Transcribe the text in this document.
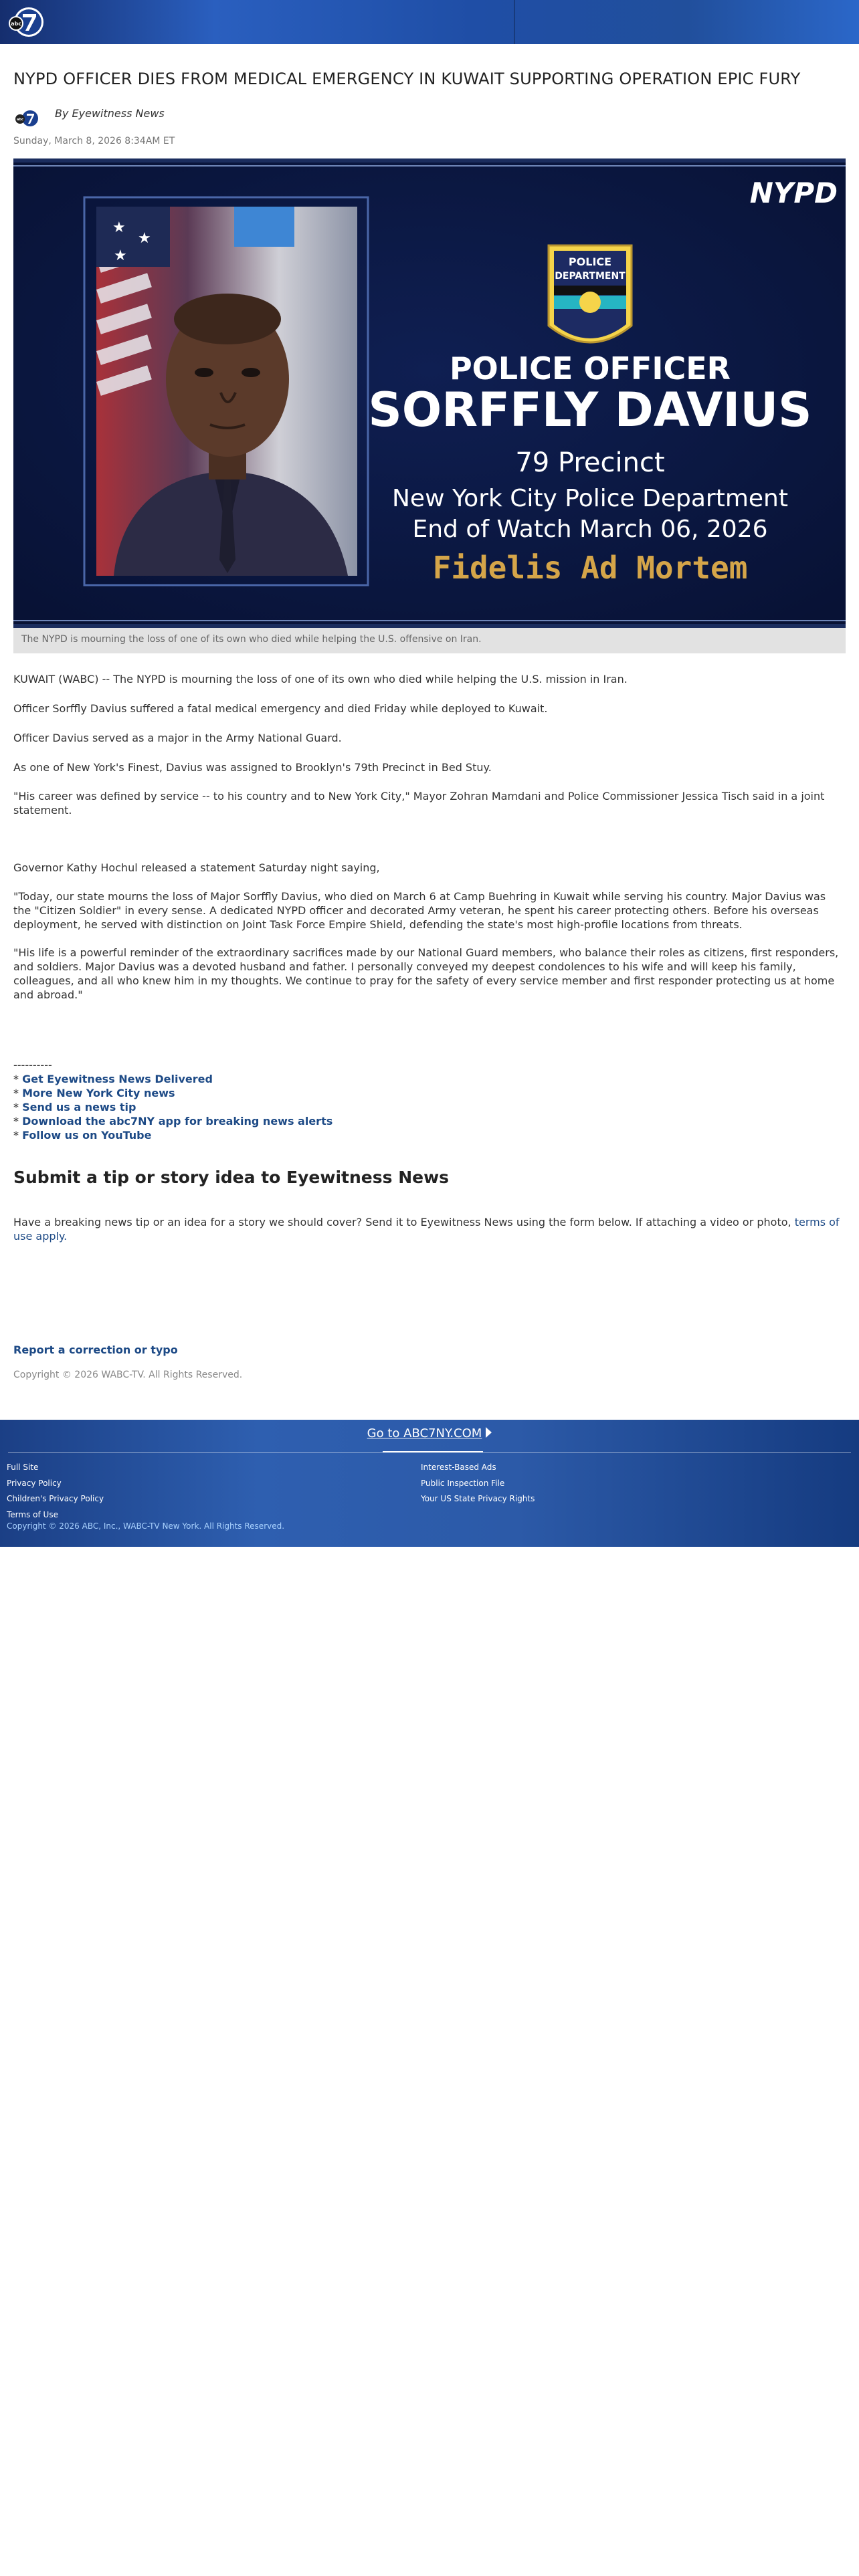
abc
NYPD OFFICER DIES FROM MEDICAL EMERGENCY IN KUWAIT SUPPORTING OPERATION EPIC FURY
abc
By Eyewitness News
Sunday, March 8, 2026 8:34AM ET
★
★
★
NYPD
POLICE
DEPARTMENT
POLICE OFFICER
SORFFLY DAVIUS
79 Precinct
New York City Police Department
End of Watch March 06, 2026
Fidelis Ad Mortem
The NYPD is mourning the loss of one of its own who died while helping the U.S. offensive on Iran.

KUWAIT (WABC) -- The NYPD is mourning the loss of one of its own who died while helping the U.S. mission in Iran.

Officer Sorffly Davius suffered a fatal medical emergency and died Friday while deployed to Kuwait.

Officer Davius served as a major in the Army National Guard.

As one of New York's Finest, Davius was assigned to Brooklyn's 79th Precinct in Bed Stuy.

"His career was defined by service -- to his country and to New York City," Mayor Zohran Mamdani and Police Commissioner Jessica Tisch said in a joint statement.

Governor Kathy Hochul released a statement Saturday night saying,

"Today, our state mourns the loss of Major Sorffly Davius, who died on March 6 at Camp Buehring in Kuwait while serving his country. Major Davius was the "Citizen Soldier" in every sense. A dedicated NYPD officer and decorated Army veteran, he spent his career protecting others. Before his overseas deployment, he served with distinction on Joint Task Force Empire Shield, defending the state's most high-profile locations from threats.

"His life is a powerful reminder of the extraordinary sacrifices made by our National Guard members, who balance their roles as citizens, first responders, and soldiers. Major Davius was a devoted husband and father. I personally conveyed my deepest condolences to his wife and will keep his family, colleagues, and all who knew him in my thoughts. We continue to pray for the safety of every service member and first responder protecting us at home and abroad."

----------
* Get Eyewitness News Delivered
* More New York City news
* Send us a news tip
* Download the abc7NY app for breaking news alerts
* Follow us on YouTube
Submit a tip or story idea to Eyewitness News

Have a breaking news tip or an idea for a story we should cover? Send it to Eyewitness News using the form below. If attaching a video or photo, terms of use apply.

Report a correction or typo
Copyright © 2026 WABC-TV. All Rights Reserved.
Go to ABC7NY.COM
Full Site
Privacy Policy
Children's Privacy Policy
Terms of Use
Interest-Based Ads
Public Inspection File
Your US State Privacy Rights
Copyright © 2026 ABC, Inc., WABC-TV New York. All Rights Reserved.
